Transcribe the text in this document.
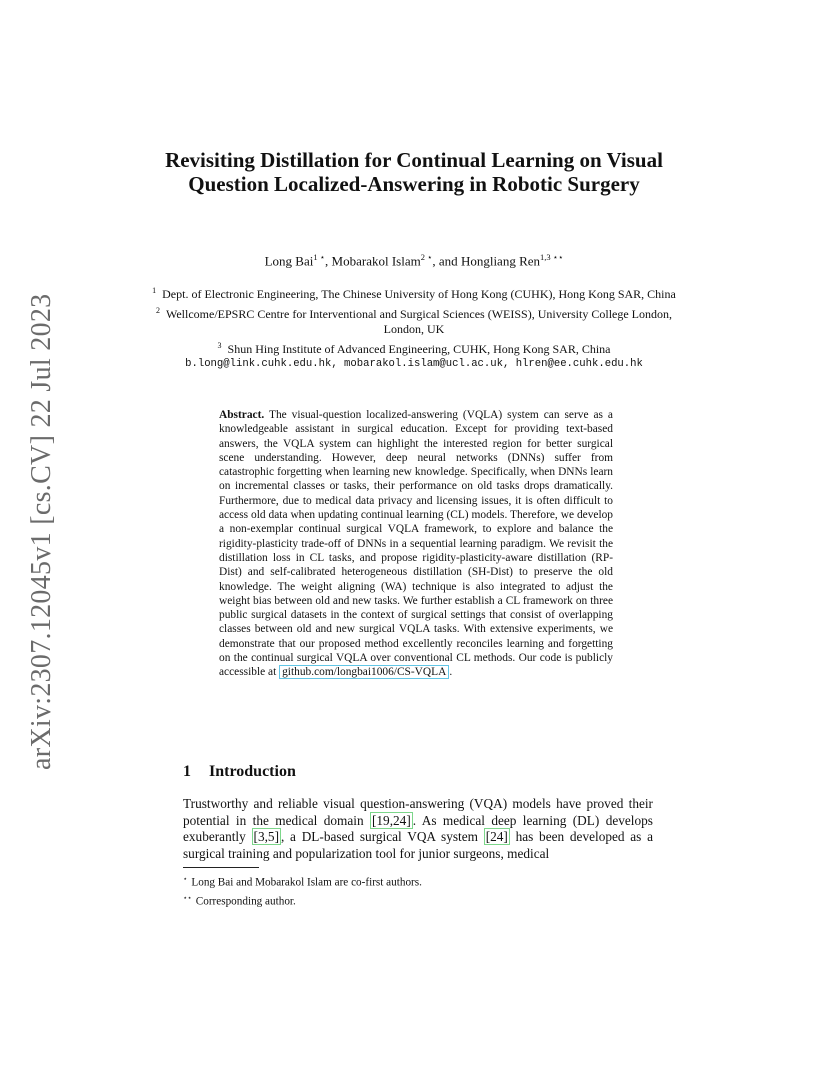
arXiv:2307.12045v1 [cs.CV] 22 Jul 2023
Revisiting Distillation for Continual Learning on Visual Question Localized-Answering in Robotic Surgery
Long Bai$^{1 ⋆}$, Mobarakol Islam$^{2 ⋆}$, and Hongliang Ren$^{1,3 ⋆⋆}$
$^1$ Dept. of Electronic Engineering, The Chinese University of Hong Kong (CUHK), Hong Kong SAR, China
$^2$ Wellcome/EPSRC Centre for Interventional and Surgical Sciences (WEISS), University College London, London, UK
$^3$ Shun Hing Institute of Advanced Engineering, CUHK, Hong Kong SAR, China
b.long@link.cuhk.edu.hk, mobarakol.islam@ucl.ac.uk, hlren@ee.cuhk.edu.hk
Abstract. The visual-question localized-answering (VQLA) system can serve as a knowledgeable assistant in surgical education. Except for providing text-based answers, the VQLA system can highlight the interested region for better surgical scene understanding. However, deep neural networks (DNNs) suffer from catastrophic forgetting when learning new knowledge. Specifically, when DNNs learn on incremental classes or tasks, their performance on old tasks drops dramatically. Furthermore, due to medical data privacy and licensing issues, it is often difficult to access old data when updating continual learning (CL) models. Therefore, we develop a non-exemplar continual surgical VQLA framework, to explore and balance the rigidity-plasticity trade-off of DNNs in a sequential learning paradigm. We revisit the distillation loss in CL tasks, and propose rigidity-plasticity-aware distillation (RP-Dist) and self-calibrated heterogeneous distillation (SH-Dist) to preserve the old knowledge. The weight aligning (WA) technique is also integrated to adjust the weight bias between old and new tasks. We further establish a CL framework on three public surgical datasets in the context of surgical settings that consist of overlapping classes between old and new surgical VQLA tasks. With extensive experiments, we demonstrate that our proposed method excellently reconciles learning and forgetting on the continual surgical VQLA over conventional CL methods. Our code is publicly accessible at github.com/longbai1006/CS-VQLA .
1 Introduction
Trustworthy and reliable visual question-answering (VQA) models have proved their potential in the medical domain [19,24] . As medical deep learning (DL) develops exuberantly [3,5] , a DL-based surgical VQA system [24] has been developed as a surgical training and popularization tool for junior surgeons, medical
⋆ Long Bai and Mobarakol Islam are co-first authors.
⋆⋆ Corresponding author.
